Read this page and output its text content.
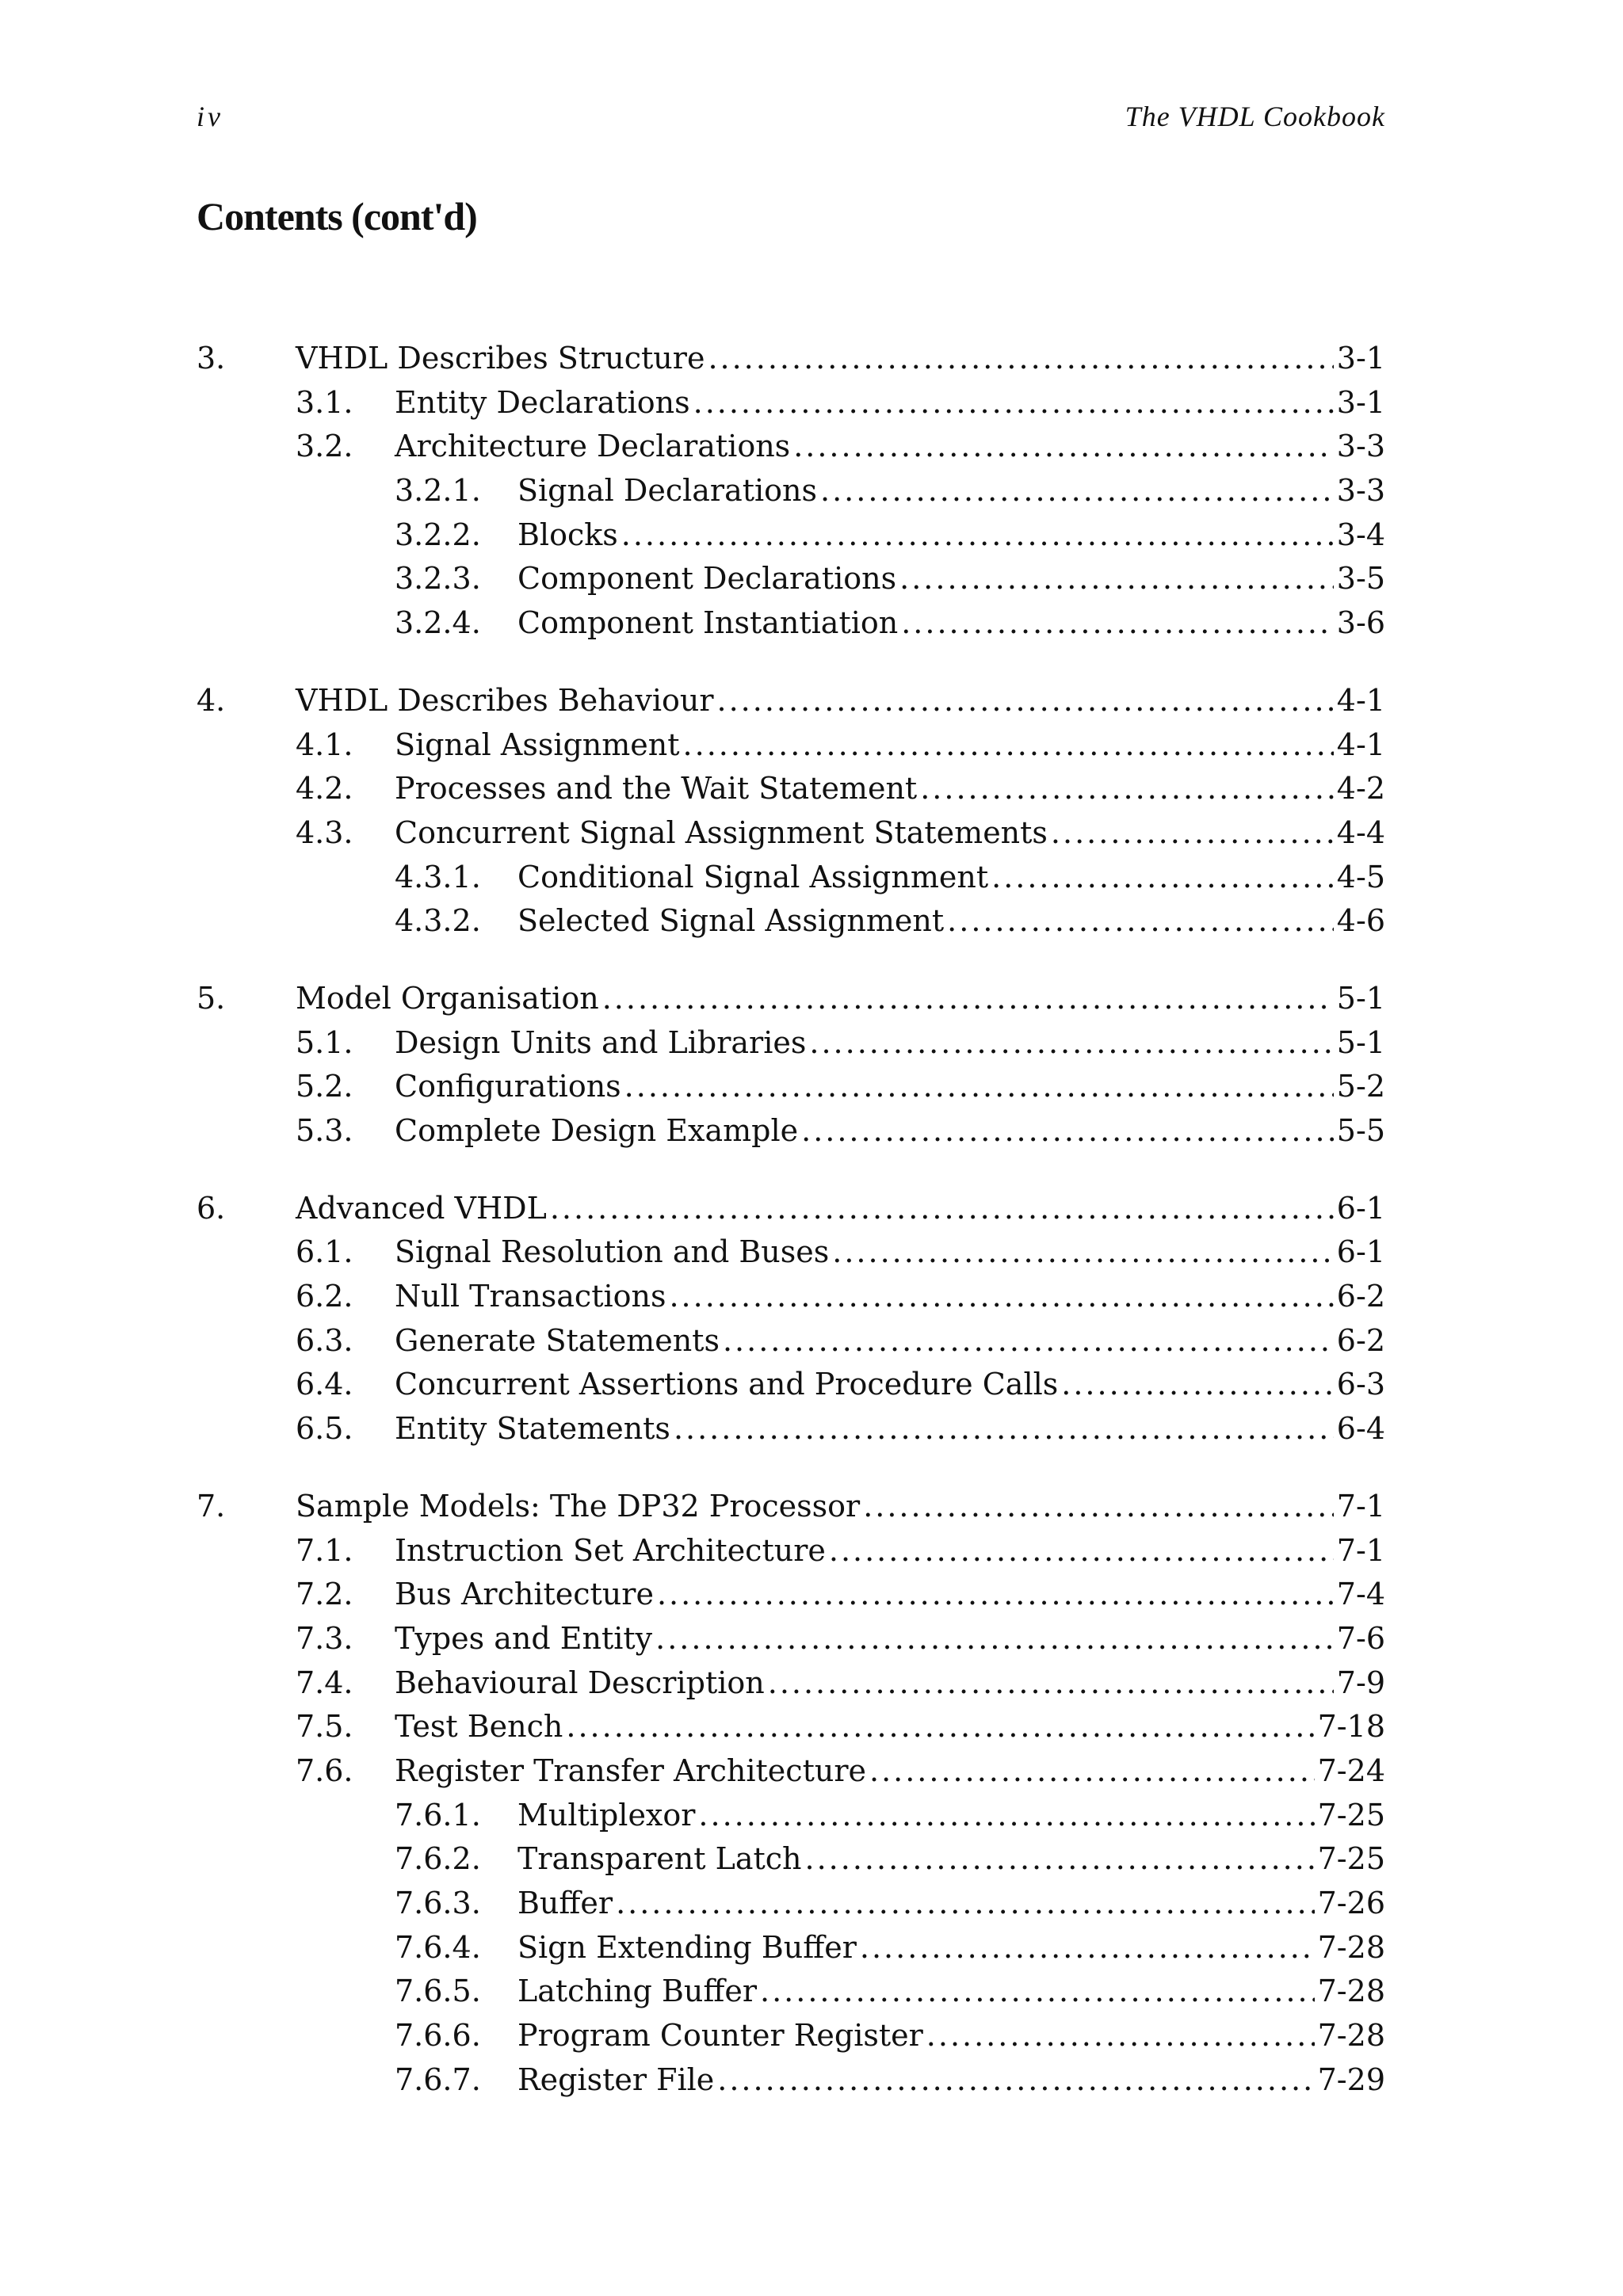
iv	The VHDL Cookbook
Contents (cont'd)
3. VHDL Describes Structure .....	3-1
3.1. Entity Declarations .....	3-1
3.2. Architecture Declarations .....	3-3
3.2.1. Signal Declarations .....	3-3
3.2.2. Blocks .....	3-4
3.2.3. Component Declarations .....	3-5
3.2.4. Component Instantiation .....	3-6
4. VHDL Describes Behaviour .....	4-1
4.1. Signal Assignment .....	4-1
4.2. Processes and the Wait Statement .....	4-2
4.3. Concurrent Signal Assignment Statements .....	4-4
4.3.1. Conditional Signal Assignment .....	4-5
4.3.2. Selected Signal Assignment .....	4-6
5. Model Organisation .....	5-1
5.1. Design Units and Libraries .....	5-1
5.2. Configurations .....	5-2
5.3. Complete Design Example .....	5-5
6. Advanced VHDL .....	6-1
6.1. Signal Resolution and Buses .....	6-1
6.2. Null Transactions .....	6-2
6.3. Generate Statements .....	6-2
6.4. Concurrent Assertions and Procedure Calls .....	6-3
6.5. Entity Statements .....	6-4
7. Sample Models: The DP32 Processor .....	7-1
7.1. Instruction Set Architecture .....	7-1
7.2. Bus Architecture .....	7-4
7.3. Types and Entity .....	7-6
7.4. Behavioural Description .....	7-9
7.5. Test Bench .....	7-18
7.6. Register Transfer Architecture .....	7-24
7.6.1. Multiplexor .....	7-25
7.6.2. Transparent Latch .....	7-25
7.6.3. Buffer .....	7-26
7.6.4. Sign Extending Buffer .....	7-28
7.6.5. Latching Buffer .....	7-28
7.6.6. Program Counter Register .....	7-28
7.6.7. Register File .....	7-29
